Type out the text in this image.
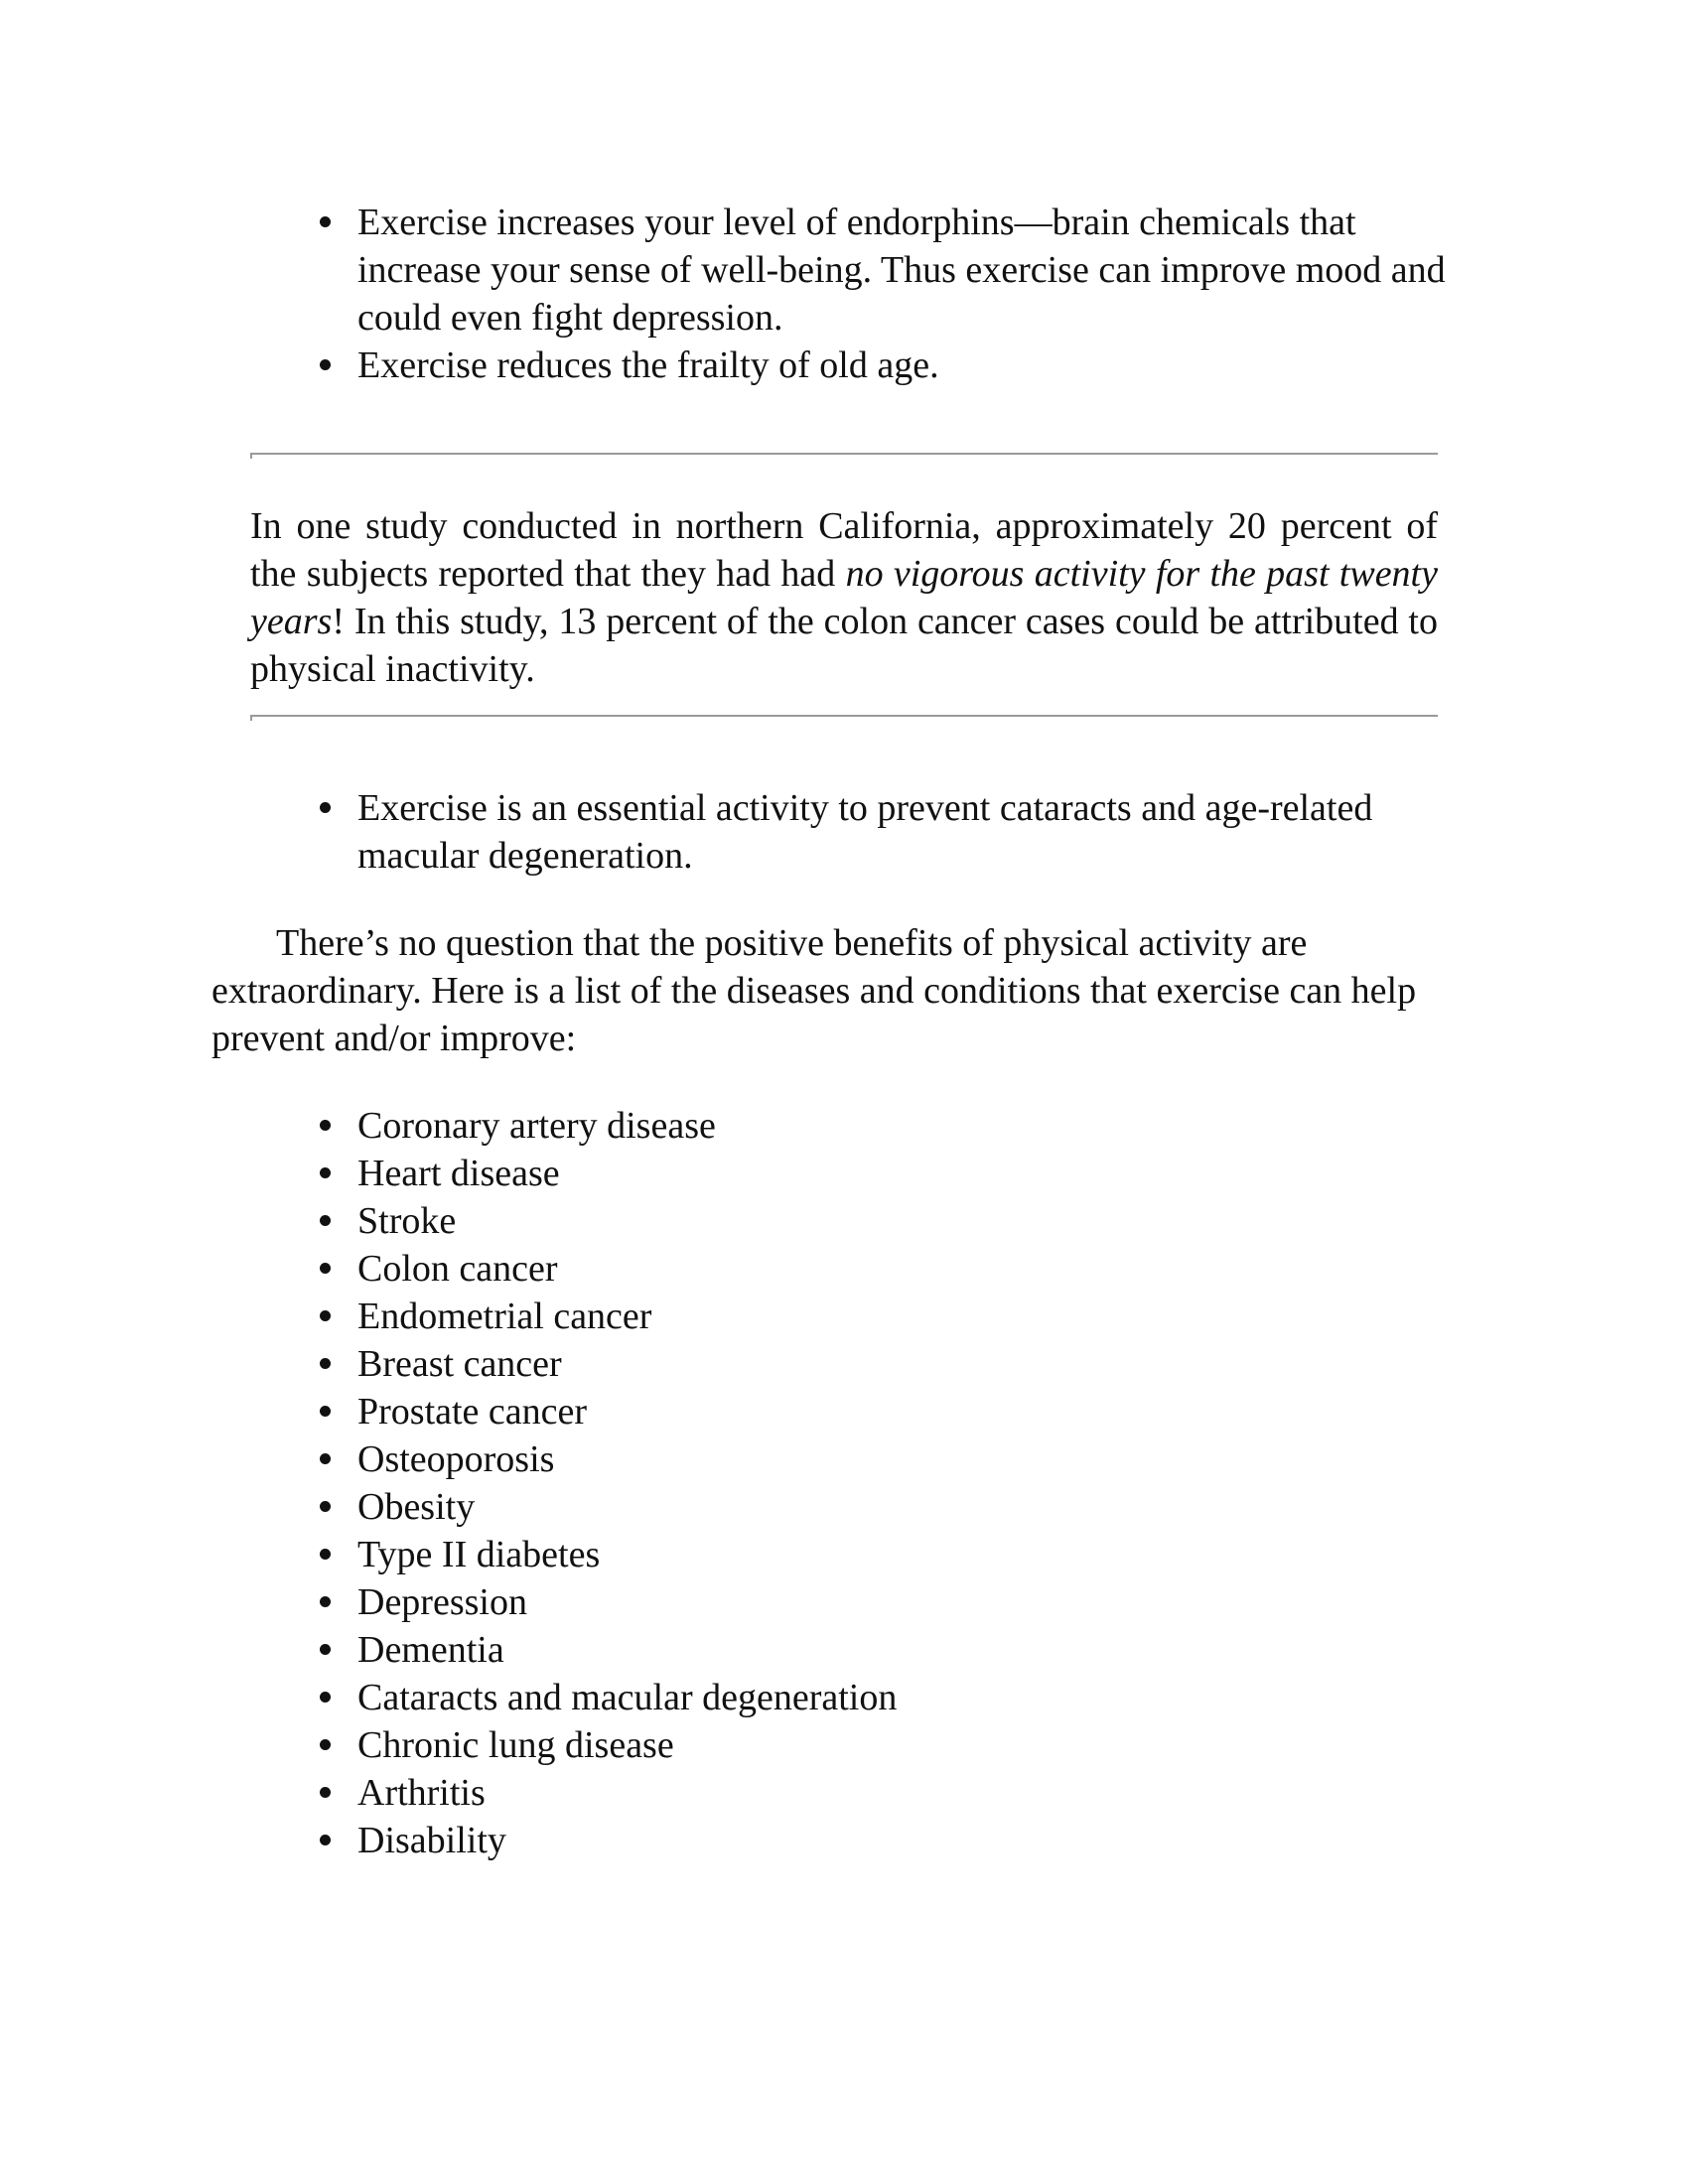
Exercise increases your level of endorphins—brain chemicals that increase your sense of well-being. Thus exercise can improve mood and could even fight depression.
Exercise reduces the frailty of old age.

In one study conducted in northern California, approximately 20 percent of the subjects reported that they had had no vigorous activity for the past twenty years! In this study, 13 percent of the colon cancer cases could be attributed to physical inactivity.

Exercise is an essential activity to prevent cataracts and age-related macular degeneration.

There’s no question that the positive benefits of physical activity are extraordinary. Here is a list of the diseases and conditions that exercise can help prevent and/or improve:

Coronary artery disease
Heart disease
Stroke
Colon cancer
Endometrial cancer
Breast cancer
Prostate cancer
Osteoporosis
Obesity
Type II diabetes
Depression
Dementia
Cataracts and macular degeneration
Chronic lung disease
Arthritis
Disability
